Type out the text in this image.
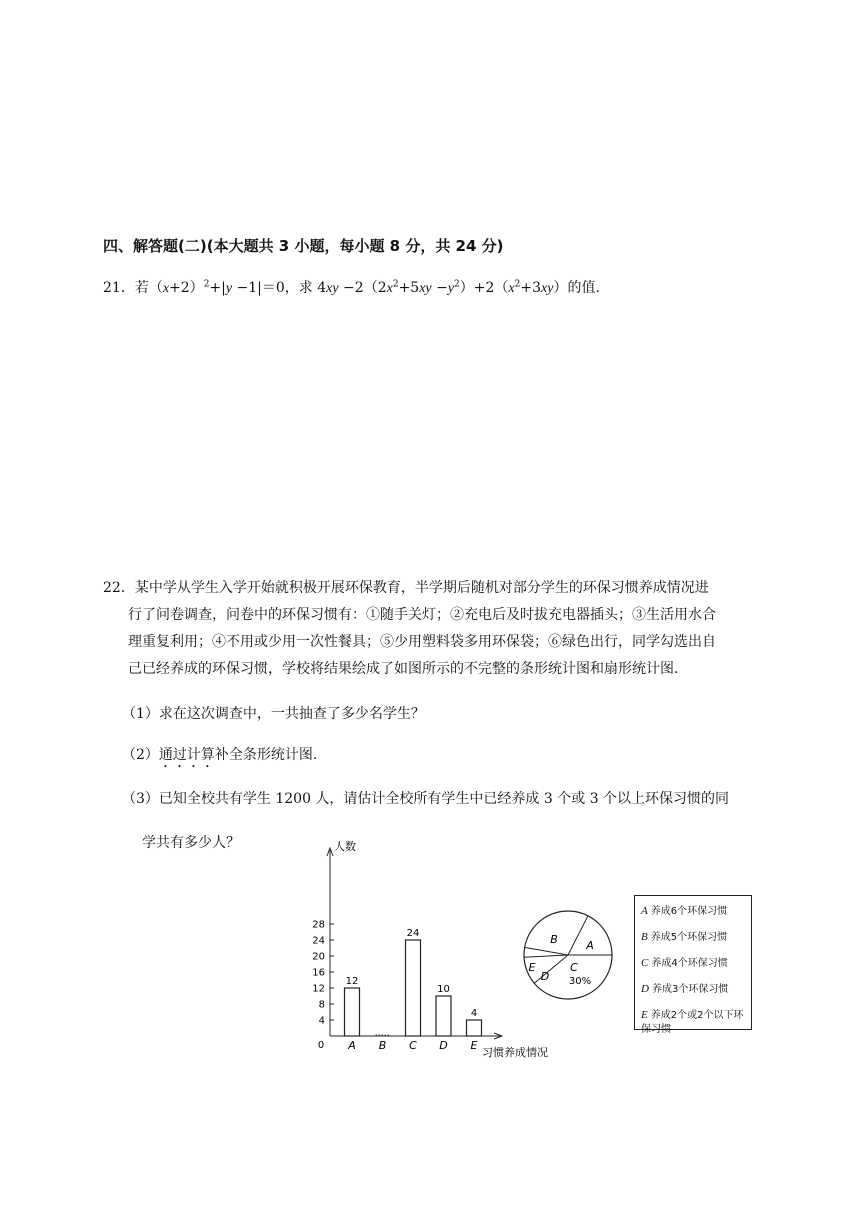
四、解答题(二)(本大题共 3 小题，每小题 8 分，共 24 分)
21．若$(x+2)^2+|y -1|=0$，求 $4xy -2(2x^2+5xy -y^2)+2(x^2+3xy)$的值．
22．某中学从学生入学开始就积极开展环保教育，半学期后随机对部分学生的环保习惯养成情况进
行了问卷调查，问卷中的环保习惯有：①随手关灯；②充电后及时拔充电器插头；③生活用水合
理重复利用；④不用或少用一次性餐具；⑤少用塑料袋多用环保袋；⑥绿色出行，同学勾选出自
己已经养成的环保习惯，学校将结果绘成了如图所示的不完整的条形统计图和扇形统计图．
（1）求在这次调查中，一共抽查了多少名学生？
（2）通过计算补全条形统计图.
（3）已知全校共有学生 1200 人，请估计全校所有学生中已经养成 3 个或 3 个以上环保习惯的同
学共有多少人？	人数
习惯养成情况
0
4
8
12
16
20
24
28
A
12
B C
24
D
10
E
4
A
B
C
D
E
30%
A 养成6个环保习惯
B 养成5个环保习惯
C 养成4个环保习惯
D 养成3个环保习惯
E 养成2个或2个以下环保习惯
